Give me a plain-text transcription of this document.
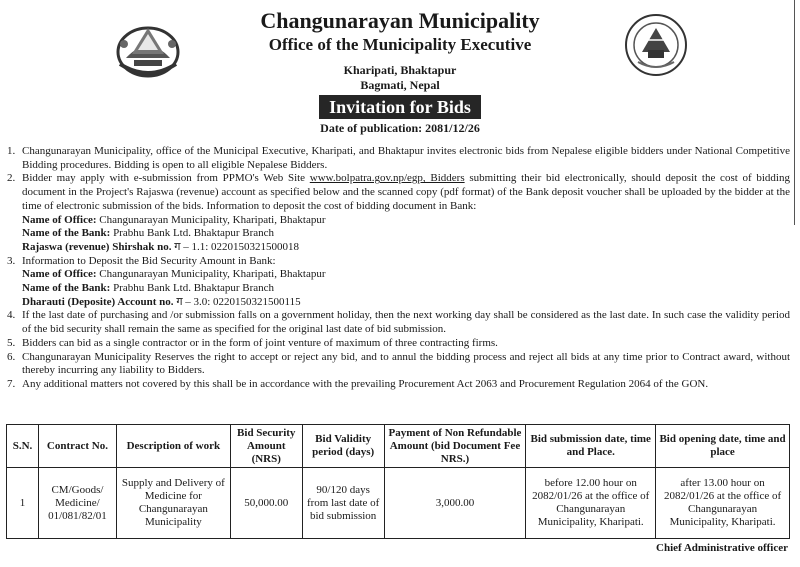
Changunarayan Municipality
Office of the Municipality Executive
Kharipati, Bhaktapur
Bagmati, Nepal
Invitation for Bids
Date of publication: 2081/12/26
1. Changunarayan Municipality, office of the Municipal Executive, Kharipati, and Bhaktapur invites electronic bids from Nepalese eligible bidders under National Competitive Bidding procedures. Bidding is open to all eligible Nepalese Bidders.
2. Bidder may apply with e-submission from PPMO's Web Site www.bolpatra.gov.np/egp, Bidders submitting their bid electronically, should deposit the cost of bidding document in the Project's Rajaswa (revenue) account as specified below and the scanned copy (pdf format) of the Bank deposit voucher shall be uploaded by the bidder at the time of electronic submission of the bids. Information to deposit the cost of bidding document in Bank:
Name of Office: Changunarayan Municipality, Kharipati, Bhaktapur
Name of the Bank: Prabhu Bank Ltd. Bhaktapur Branch
Rajaswa (revenue) Shirshak no. ग – 1.1: 0220150321500018
3. Information to Deposit the Bid Security Amount in Bank:
Name of Office: Changunarayan Municipality, Kharipati, Bhaktapur
Name of the Bank: Prabhu Bank Ltd. Bhaktapur Branch
Dharauti (Deposite) Account no. ग – 3.0: 0220150321500115
4. If the last date of purchasing and /or submission falls on a government holiday, then the next working day shall be considered as the last date. In such case the validity period of the bid security shall remain the same as specified for the original last date of bid submission.
5. Bidders can bid as a single contractor or in the form of joint venture of maximum of three contracting firms.
6. Changunarayan Municipality Reserves the right to accept or reject any bid, and to annul the bidding process and reject all bids at any time prior to Contract award, without thereby incurring any liability to Bidders.
7. Any additional matters not covered by this shall be in accordance with the prevailing Procurement Act 2063 and Procurement Regulation 2064 of the GON.
S.N.	Contract No.	Description of work	Bid Security Amount (NRS)	Bid Validity period (days)	Payment of Non Refundable Amount (bid Document Fee NRS.)	Bid submission date, time and Place.	Bid opening date, time and place
1	CM/Goods/ Medicine/ 01/081/82/01	Supply and Delivery of Medicine for Changunarayan Municipality	50,000.00	90/120 days from last date of bid submission	3,000.00	before 12.00 hour on 2082/01/26 at the office of Changunarayan Municipality, Kharipati.	after 13.00 hour on 2082/01/26 at the office of Changunarayan Municipality, Kharipati.
Chief Administrative officer
